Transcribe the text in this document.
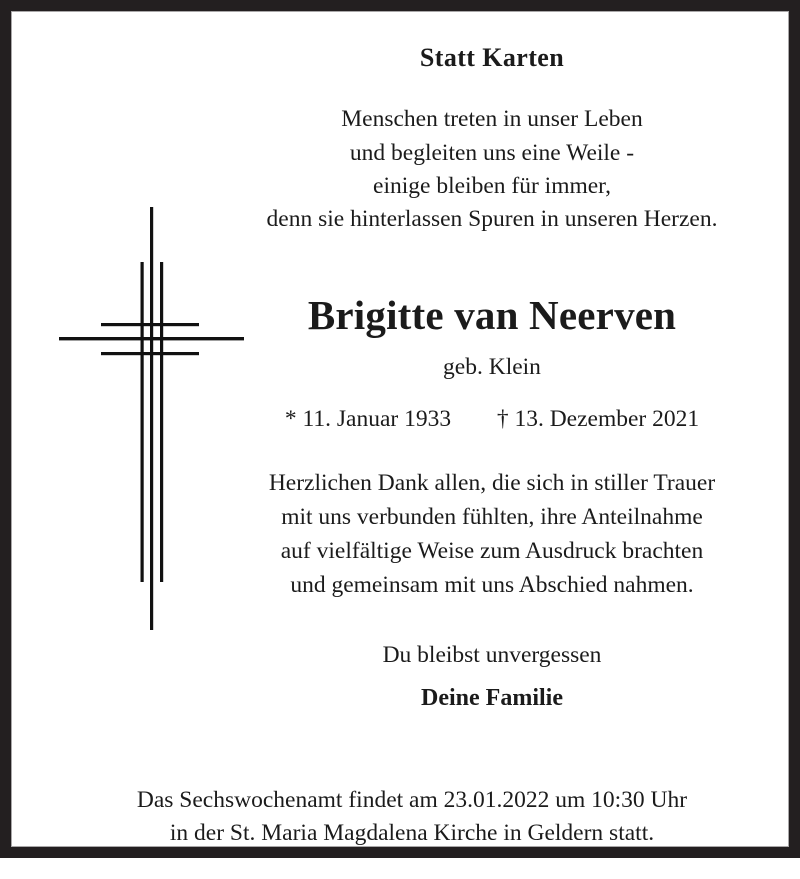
Statt Karten
Menschen treten in unser Leben
und begleiten uns eine Weile -
einige bleiben für immer,
denn sie hinterlassen Spuren in unseren Herzen.
Brigitte van Neerven
geb. Klein
* 11. Januar 1933 † 13. Dezember 2021
Herzlichen Dank allen, die sich in stiller Trauer
mit uns verbunden fühlten, ihre Anteilnahme
auf vielfältige Weise zum Ausdruck brachten
und gemeinsam mit uns Abschied nahmen.
Du bleibst unvergessen
Deine Familie
Das Sechswochenamt findet am 23.01.2022 um 10:30 Uhr
in der St. Maria Magdalena Kirche in Geldern statt.
